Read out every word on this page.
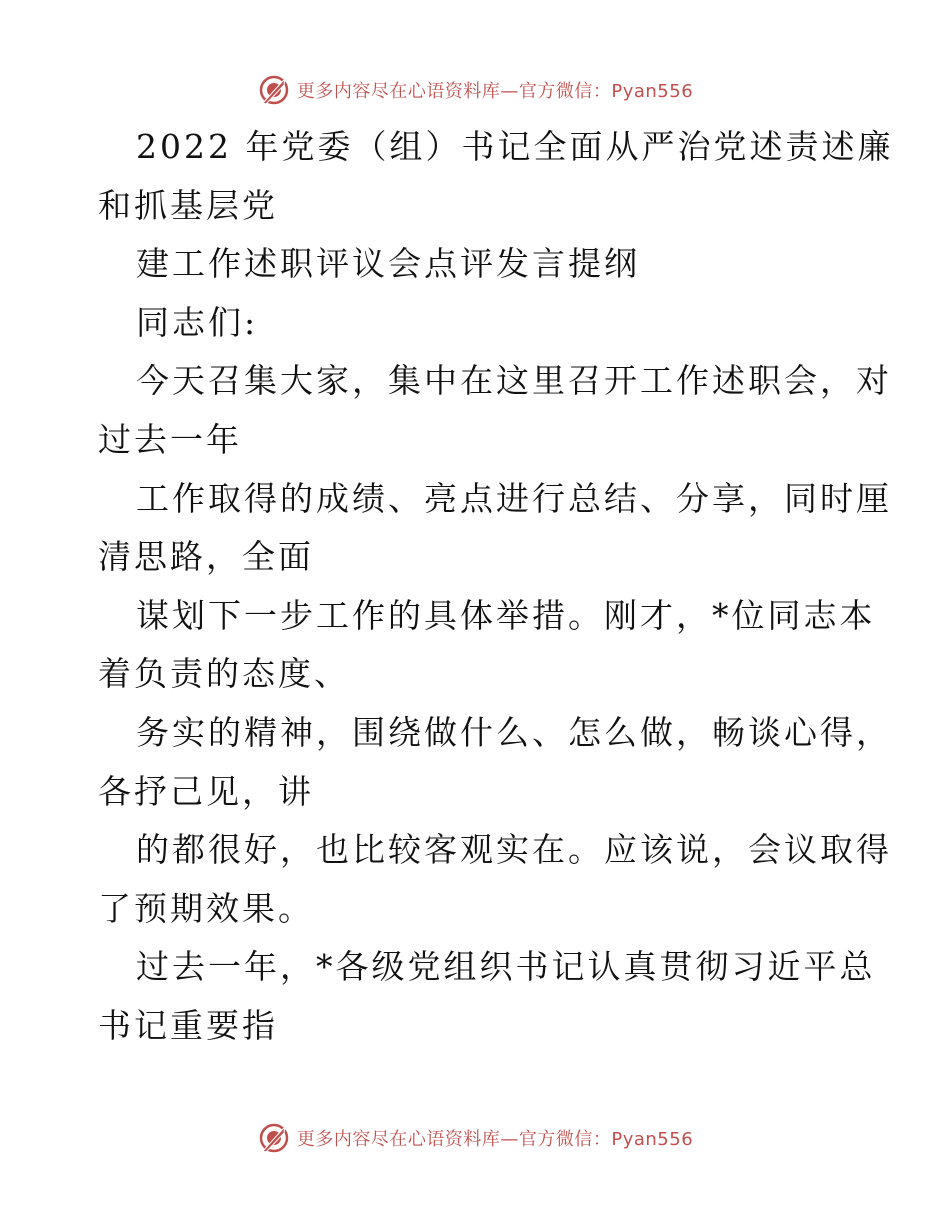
更多内容尽在心语资料库—官方微信：Pyan556

2022 年党委（组）书记全面从严治党述责述廉

和抓基层党

建工作述职评议会点评发言提纲

同志们:

今天召集大家，集中在这里召开工作述职会，对

过去一年

工作取得的成绩、亮点进行总结、分享，同时厘

清思路，全面

谋划下一步工作的具体举措。刚才，*位同志本

着负责的态度、

务实的精神，围绕做什么、怎么做，畅谈心得，

各抒己见，讲

的都很好，也比较客观实在。应该说，会议取得

了预期效果。

过去一年，*各级党组织书记认真贯彻习近平总

书记重要指

更多内容尽在心语资料库—官方微信：Pyan556
